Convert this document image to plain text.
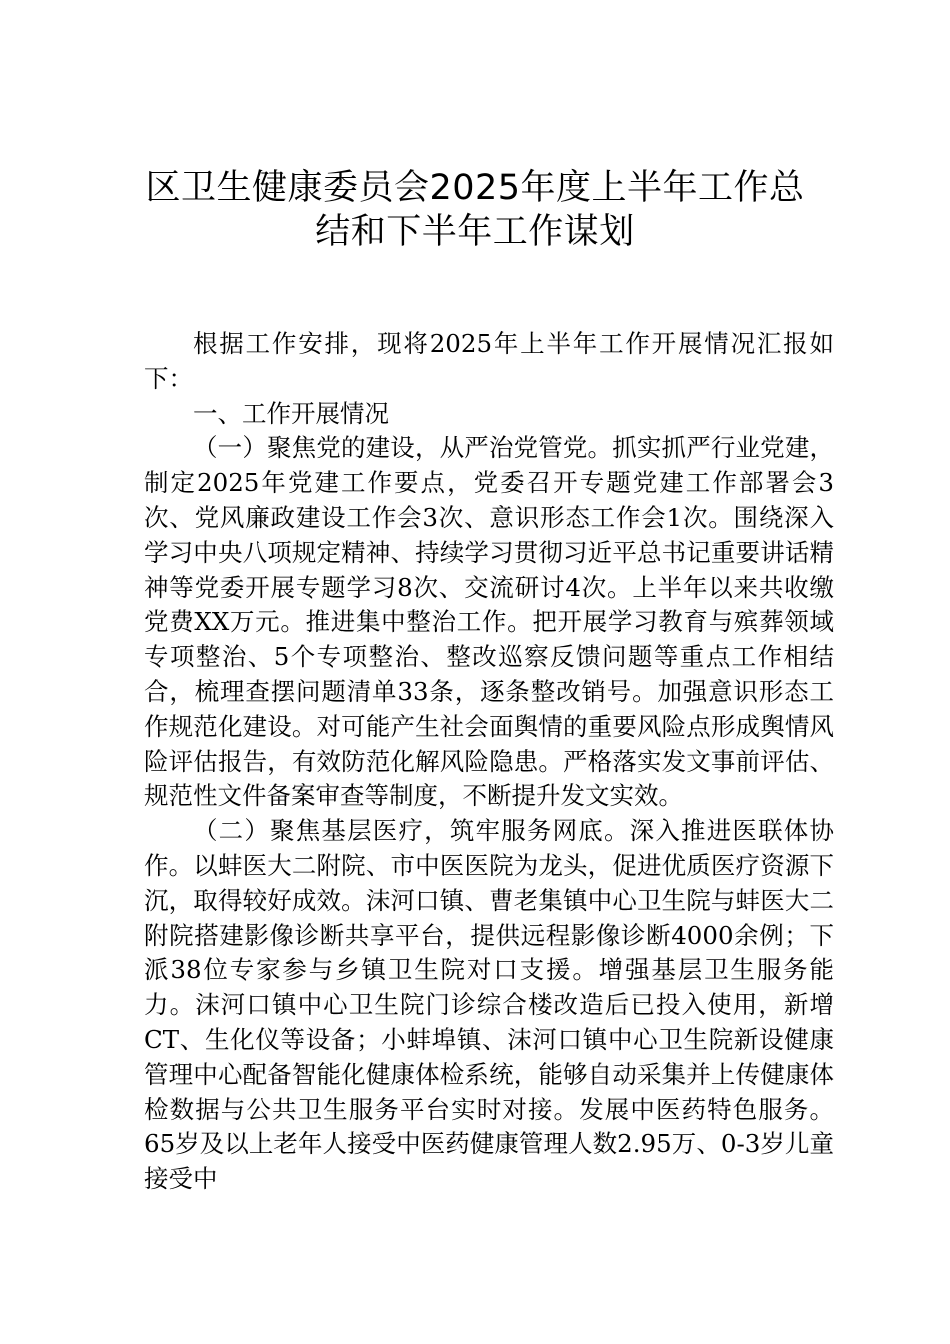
区卫生健康委员会2025年度上半年工作总
结和下半年工作谋划

根据工作安排，现将2025年上半年工作开展情况汇报如下：

一、工作开展情况

（一）聚焦党的建设，从严治党管党。抓实抓严行业党建，制定2025年党建工作要点，党委召开专题党建工作部署会3次、党风廉政建设工作会3次、意识形态工作会1次。围绕深入学习中央八项规定精神、持续学习贯彻习近平总书记重要讲话精神等党委开展专题学习8次、交流研讨4次。上半年以来共收缴党费XX万元。推进集中整治工作。把开展学习教育与殡葬领域专项整治、5个专项整治、整改巡察反馈问题等重点工作相结合，梳理查摆问题清单33条，逐条整改销号。加强意识形态工作规范化建设。对可能产生社会面舆情的重要风险点形成舆情风险评估报告，有效防范化解风险隐患。严格落实发文事前评估、规范性文件备案审查等制度，不断提升发文实效。

（二）聚焦基层医疗，筑牢服务网底。深入推进医联体协作。以蚌医大二附院、市中医医院为龙头，促进优质医疗资源下沉，取得较好成效。沫河口镇、曹老集镇中心卫生院与蚌医大二附院搭建影像诊断共享平台，提供远程影像诊断4000余例；下派38位专家参与乡镇卫生院对口支援。增强基层卫生服务能力。沫河口镇中心卫生院门诊综合楼改造后已投入使用，新增CT、生化仪等设备；小蚌埠镇、沫河口镇中心卫生院新设健康管理中心配备智能化健康体检系统，能够自动采集并上传健康体检数据与公共卫生服务平台实时对接。发展中医药特色服务。65岁及以上老年人接受中医药健康管理人数2.95万、0-3岁儿童接受中
